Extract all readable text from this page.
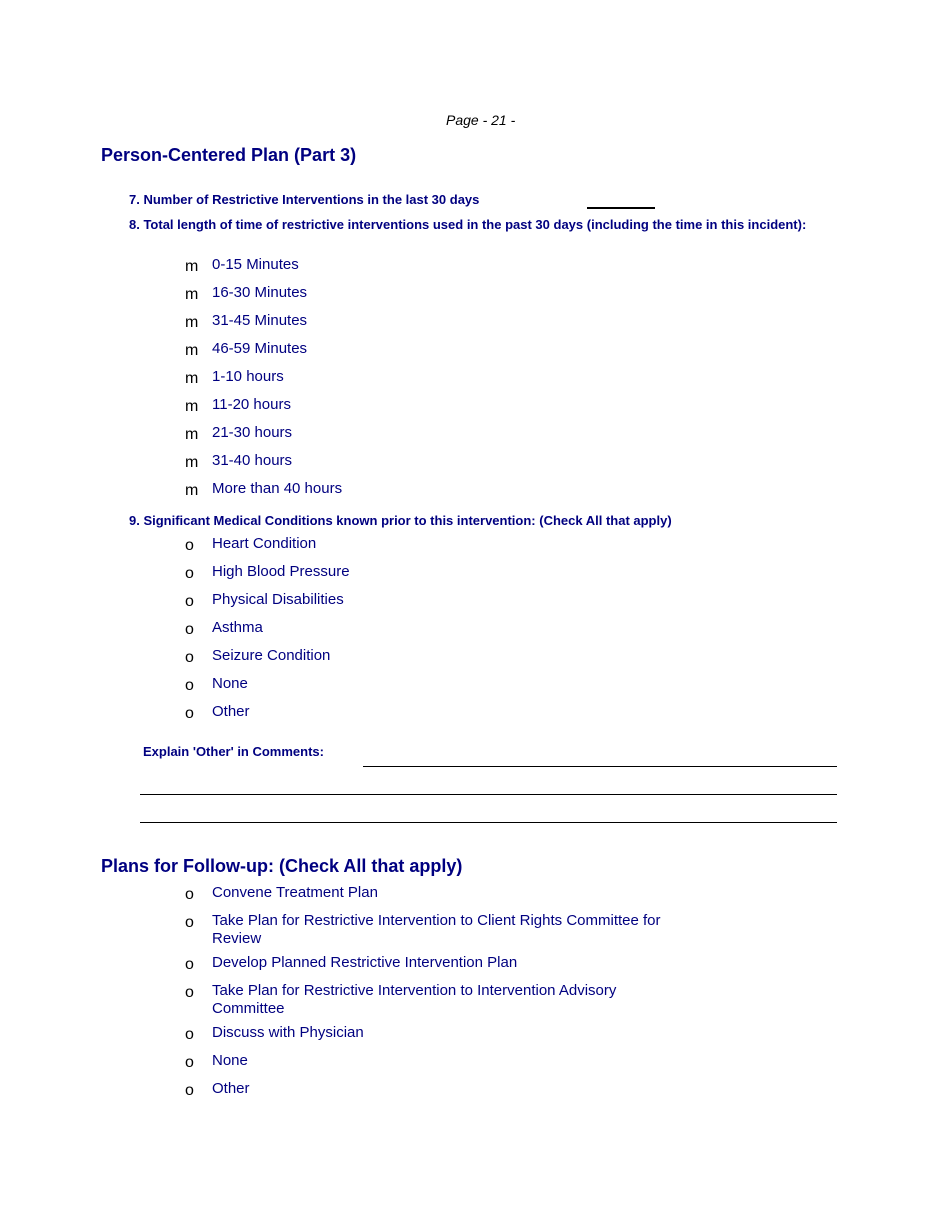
Page - 21 -
Person-Centered Plan (Part 3)
7. Number of Restrictive Interventions in the last 30 days
8. Total length of time of restrictive interventions used in the past 30 days (including the time in this incident):
m 0-15 Minutes
m 16-30 Minutes
m 31-45 Minutes
m 46-59 Minutes
m 1-10 hours
m 11-20 hours
m 21-30 hours
m 31-40 hours
m More than 40 hours
9. Significant Medical Conditions known prior to this intervention: (Check All that apply)
o	Heart Condition
o	High Blood Pressure
o	Physical Disabilities
o	Asthma
o	Seizure Condition
o	None
o	Other
Explain 'Other' in Comments:
Plans for Follow-up: (Check All that apply)
o	Convene Treatment Plan
o	Take Plan for Restrictive Intervention to Client Rights Committee for Review
o	Develop Planned Restrictive Intervention Plan
o	Take Plan for Restrictive Intervention to Intervention Advisory Committee
o	Discuss with Physician
o	None
o	Other
